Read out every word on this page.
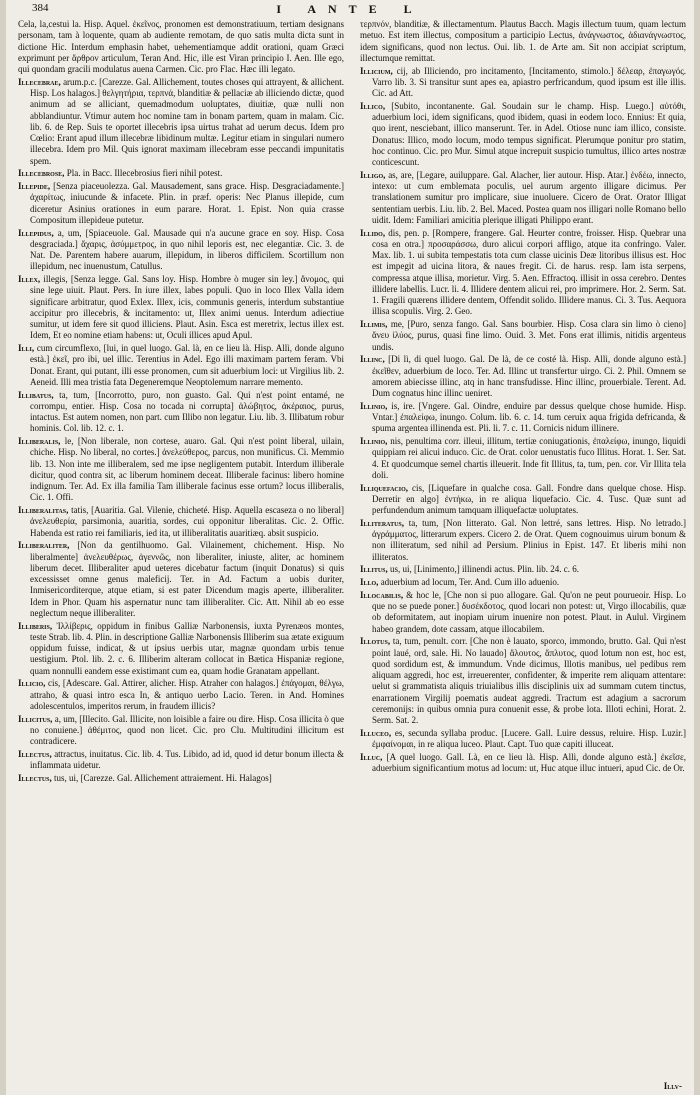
384	I ANTE L

Cela, la,cestui la. Hisp. Aquel. ἐκεῖνος, pronomen est demonstratiuum, tertiam designans personam, tam à loquente, quam ab audiente remotam, de quo satis multa dicta sunt in dictione Hic. Interdum emphasin habet, uehementiamque addit orationi, quam Græci exprimunt per ἄρθρον articulum, Teran And. Hic, ille est Viran principio I. Aen. Ille ego, qui quondam gracili modulatus auena Carmen. Cic. pro Flac. Hæc illi legato.

Illecebrae, arum.p.c. [Carezze. Gal. Allichement, toutes choses qui attrayent, & allichent. Hisp. Los halagos.] θελγητήρια, τερπνά, blanditiæ & pellaciæ ab illiciendo dictæ, quod animum ad se alliciant, quemadmodum uoluptates, diuitiæ, quæ nulli non abblandiuntur. Vtimur autem hoc nomine tam in bonam partem, quam in malam. Cic. lib. 6. de Rep. Suis te oportet illecebris ipsa uirtus trahat ad uerum decus. Idem pro Cœlio: Erant apud illum illecebræ libidinum multæ. Legitur etiam in singulari numero illecebra. Idem pro Mil. Quis ignorat maximam illecebram esse peccandi impunitatis spem.

Illecebrose, Pla. in Bacc. Illecebrosius fieri nihil potest.

Illepide, [Senza piaceuolezza. Gal. Mausadement, sans grace. Hisp. Desgraciadamente.] ἀχαρίτως, iniucunde & infacete. Plin. in præf. operis: Nec Planus illepide, cum diceretur Asinius orationes in eum parare. Horat. 1. Epist. Non quia crasse Compositum illepideue putetur.

Illepidus, a, um, [Spiaceuole. Gal. Mausade qui n'a aucune grace en soy. Hisp. Cosa desgraciada.] ἄχαρις, ἀσύμμετρος, in quo nihil leporis est, nec elegantiæ. Cic. 3. de Nat. De. Parentem habere auarum, illepidum, in liberos difficilem. Scortillum non illepidum, nec inuenustum, Catullus.

Illex, illegis, [Senza legge. Gal. Sans loy. Hisp. Hombre ò muger sin ley.] ἄνομος, qui sine lege uiuit. Plaut. Pers. In iure illex, labes populi. Quo in loco Illex Valla idem significare arbitratur, quod Exlex. Illex, icis, communis generis, interdum substantiue accipitur pro illecebris, & incitamento: ut, Illex animi uenus. Interdum adiectiue sumitur, ut idem fere sit quod illiciens. Plaut. Asin. Esca est meretrix, lectus illex est. Idem, Et eo nomine etiam habens: ut, Oculi illices apud Apul.

Illi, cum circumflexo, [lui, in quel luogo. Gal. là, en ce lieu là. Hisp. Allì, donde alguno està.] ἐκεῖ, pro ibi, uel illic. Terentius in Adel. Ego illi maximam partem feram. Vbi Donat. Erant, qui putant, illi esse pronomen, cum sit aduerbium loci: ut Virgilius lib. 2. Aeneid. Illi mea tristia fata Degeneremque Neoptolemum narrare memento.

Illibatus, ta, tum, [Incorrotto, puro, non guasto. Gal. Qui n'est point entamé, ne corrompu, entier. Hisp. Cosa no tocada ni corrupta] ἀλώβητος, ἀκέραιος, purus, intactus. Est autem nomen, non part. cum Illibo non legatur. Liu. lib. 3. Illibatum robur hominis. Col. lib. 12. c. 1.

Illiberalis, le, [Non liberale, non cortese, auaro. Gal. Qui n'est point liberal, uilain, chiche. Hisp. No liberal, no cortes.] ἀνελεύθερος, parcus, non munificus. Ci. Memmio lib. 13. Non inte me illiberalem, sed me ipse negligentem putabit. Interdum illiberale dicitur, quod contra sit, ac liberum hominem deceat. Illiberale facinus: libero homine indignum. Ter. Ad. Ex illa familia Tam illiberale facinus esse ortum? locus illiberalis, Cic. 1. Offi.

Illiberalitas, tatis, [Auaritia. Gal. Vilenie, chicheté. Hisp. Aquella escaseza o no liberal] ἀνελευθερία, parsimonia, auaritia, sordes, cui opponitur liberalitas. Cic. 2. Offic. Habenda est ratio rei familiaris, ied ita, ut illiberalitatis auaritiæq. absit suspicio.

Illiberaliter, [Non da gentilhuomo. Gal. Vilainement, chichement. Hisp. No liberalmente] ἀνελευθέρως, ἀγεννῶς, non liberaliter, iniuste, aliter, ac hominem liberum decet. Illiberaliter apud ueteres dicebatur factum (inquit Donatus) si quis excessisset omne genus maleficij. Ter. in Ad. Factum a uobis duriter, Inmisericorditerque, atque etiam, si est pater Dicendum magis aperte, illiberaliter. Idem in Phor. Quam his aspernatur nunc tam illiberaliter. Cic. Att. Nihil ab eo esse neglectum neque illiberaliter.

Illiberis, Ἰλλίβερις, oppidum in finibus Galliæ Narbonensis, iuxta Pyrenæos montes, teste Strab. lib. 4. Plin. in descriptione Galliæ Narbonensis Illiberim sua ætate exiguum oppidum fuisse, indicat, & ut ipsius uerbis utar, magnæ quondam urbis tenue uestigium. Ptol. lib. 2. c. 6. Illiberim alteram collocat in Bætica Hispaniæ regione, quam nonnulli eandem esse existimant cum ea, quam hodie Granatam appellant.

Illicio, cis, [Adescare. Gal. Attirer, alicher. Hisp. Atraher con halagos.] ἐπάγομαι, θέλγω, attraho, & quasi intro esca In, & antiquo uerbo Lacio. Teren. in And. Homines adolescentulos, imperitos rerum, in fraudem illicis?

Illicitus, a, um, [Illecito. Gal. Illicite, non loisible a faire ou dire. Hisp. Cosa illicita ò que no conuiene.] ἀθέμιτος, quod non licet. Cic. pro Clu. Multitudini illicitum est contradicere.

Illectus, attractus, inuitatus. Cic. lib. 4. Tus. Libido, ad id, quod id detur bonum illecta & inflammata uidetur.

Illectus, tus, ui, [Carezze. Gal. Allichement attraiement. Hi. Halagos]

τερπνόν, blanditiæ, & illectamentum. Plautus Bacch. Magis illectum tuum, quam lectum metuo. Est item illectus, compositum a participio Lectus, ἀνάγνωστος, ἀδιανάγνωστος, idem significans, quod non lectus. Oui. lib. 1. de Arte am. Sit non accipiat scriptum, illectumque remittat.

Illicium, cij, ab Illiciendo, pro incitamento, [Incitamento, stimolo.] δέλεαρ, ἐπαγωγός. Varro lib. 3. Si transitur sunt apes ea, apiastro perfricandum, quod ipsum est ille illis. Cic. ad Att.

Illico, [Subito, incontanente. Gal. Soudain sur le champ. Hisp. Luego.] αὐτόθι, aduerbium loci, idem significans, quod ibidem, quasi in eodem loco. Ennius: Et quia, quo irent, nesciebant, illico manserunt. Ter. in Adel. Otiose nunc iam illico, consiste. Donatus: Illico, modo locum, modo tempus significat. Plerumque ponitur pro statim, hoc continuo. Cic. pro Mur. Simul atque increpuit suspicio tumultus, illico artes nostræ conticescunt.

Illigo, as, are, [Legare, auiluppare. Gal. Alacher, lier autour. Hisp. Atar.] ἐνδέω, innecto, intexo: ut cum emblemata poculis, uel aurum argento illigare dicimus. Per translationem sumitur pro implicare, siue inuoluere. Cicero de Orat. Orator Illigat sententiam uerbis. Liu. lib. 2. Bel. Maced. Postea quam nos illigari nolle Romano bello uidit. Idem: Familiari amicitia plerique illigati Philippo erant.

Illido, dis, pen. p. [Rompere, frangere. Gal. Heurter contre, froisser. Hisp. Quebrar una cosa en otra.] προσαράσσω, duro alicui corpori affligo, atque ita confringo. Valer. Max. lib. 1. ui subita tempestatis tota cum classe uicinis Deæ litoribus illisus est. Hoc est impegit ad uicina litora, & naues fregit. Ci. de harus. resp. Iam ista serpens, compressa atque illisa, morietur. Virg. 5. Aen. Effractoq. illisit in ossa cerebro. Dentes illidere labellis. Lucr. li. 4. Illidere dentem alicui rei, pro imprimere. Hor. 2. Serm. Sat. 1. Fragili quærens illidere dentem, Offendit solido. Illidere manus. Ci. 3. Tus. Aequora illisa scopulis. Virg. 2. Geo.

Illimis, me, [Puro, senza fango. Gal. Sans bourbier. Hisp. Cosa clara sin limo ò cieno] ἄνευ ἰλύος, purus, quasi fine limo. Ouid. 3. Met. Fons erat illimis, nitidis argenteus undis.

Illinc, [Di lì, di quel luogo. Gal. De là, de ce costé là. Hisp. Allì, donde alguno està.] ἐκεῖθεν, aduerbium de loco. Ter. Ad. Illinc ut transfertur uirgo. Ci. 2. Phil. Omnem se amorem abiecisse illinc, atq in hanc transfudisse. Hinc illinc, prouerbiale. Terent. Ad. Dum cognatus hinc illinc ueniret.

Illinio, is, ire. [Vngere. Gal. Oindre, enduire par dessus quelque chose humide. Hisp. Vntar.] ἐπαλείφω, inungo. Colum. lib. 6. c. 14. tum ceruix aqua frigida defricanda, & spuma argentea illinenda est. Pli. li. 7. c. 11. Cornicis nidum illinere.

Illinio, nis, penultima corr. illeui, illitum, tertiæ coniugationis, ἐπαλείφω, inungo, liquidi quippiam rei alicui induco. Cic. de Orat. color uenustatis fuco Illitus. Horat. 1. Ser. Sat. 4. Et quodcumque semel chartis illeuerit. Inde fit Illitus, ta, tum, pen. cor. Vir Illita tela doli.

Illiquefacio, cis, [Liquefare in qualche cosa. Gall. Fondre dans quelque chose. Hisp. Derretir en algo] ἐντήκω, in re aliqua liquefacio. Cic. 4. Tusc. Quæ sunt ad perfundendum animum tamquam illiquefactæ uoluptates.

Illiteratus, ta, tum, [Non litterato. Gal. Non lettré, sans lettres. Hisp. No letrado.] ἀγράμματος, litterarum expers. Cicero 2. de Orat. Quem cognouimus uirum bonum & non illiteratum, sed nihil ad Persium. Plinius in Epist. 147. Et liberis mihi non illiteratos.

Illitus, us, ui, [Linimento,] illinendi actus. Plin. lib. 24. c. 6.

Illo, aduerbium ad locum, Ter. And. Cum illo aduenio.

Illocabilis, & hoc le, [Che non si puo allogare. Gal. Qu'on ne peut pourueoir. Hisp. Lo que no se puede poner.] δυσέκδοτος, quod locari non potest: ut, Virgo illocabilis, quæ ob deformitatem, aut inopiam uirum inuenire non potest. Plaut. in Aulul. Virginem habeo grandem, dote cassam, atque illocabilem.

Illotus, ta, tum, penult. corr. [Che non è lauato, sporco, immondo, brutto. Gal. Qui n'est point laué, ord, sale. Hi. No lauado] ἄλουτος, ἄπλυτος, quod lotum non est, hoc est, quod sordidum est, & immundum. Vnde dicimus, Illotis manibus, uel pedibus rem aliquam aggredi, hoc est, irreuerenter, confidenter, & imperite rem aliquam attentare: uelut si grammatista aliquis triuialibus illis disciplinis uix ad summam cutem tinctus, enarrationem Virgilij poematis audeat aggredi. Tractum est adagium a sacrorum ceremonijs: in quibus omnia pura conuenit esse, & probe lota. Illoti echini, Horat. 2. Serm. Sat. 2.

Illuceo, es, secunda syllaba produc. [Lucere. Gall. Luire dessus, reluire. Hisp. Luzir.] ἐμφαίνομαι, in re aliqua luceo. Plaut. Capt. Tuo quæ capiti illuceat.

Illuc, [A quel luogo. Gall. Là, en ce lieu là. Hisp. Allì, donde alguno està.] ἐκεῖσε, aduerbium significantium motus ad locum: ut, Huc atque illuc intueri, apud Cic. de Or.

Illv-
